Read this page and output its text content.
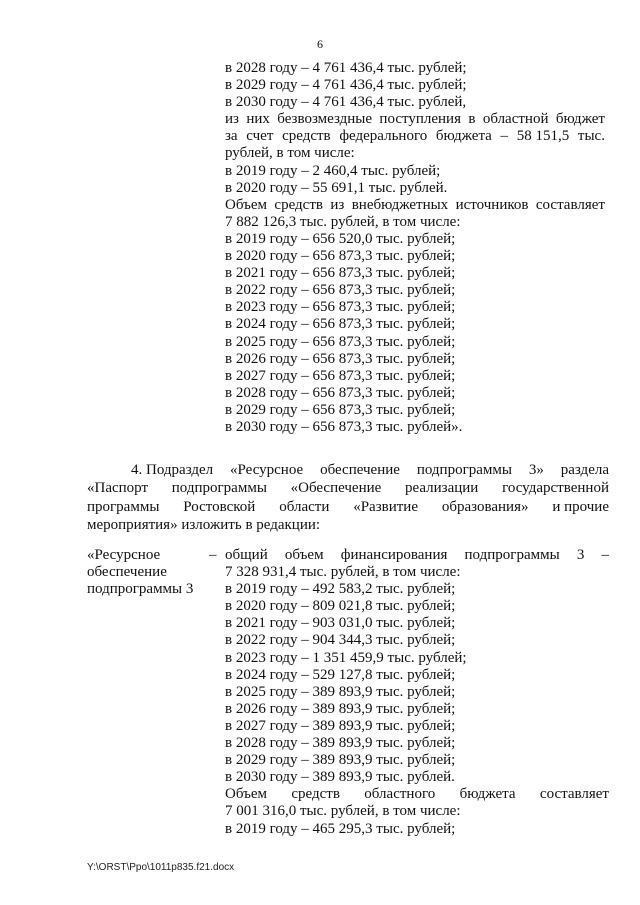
6
в 2028 году – 4 761 436,4 тыс. рублей;
в 2029 году – 4 761 436,4 тыс. рублей;
в 2030 году – 4 761 436,4 тыс. рублей,
из них безвозмездные поступления в областной бюджет
за счет средств федерального бюджета – 58 151,5 тыс.
рублей, в том числе:
в 2019 году – 2 460,4 тыс. рублей;
в 2020 году – 55 691,1 тыс. рублей.
Объем средств из внебюджетных источников составляет
7 882 126,3 тыс. рублей, в том числе:
в 2019 году – 656 520,0 тыс. рублей;
в 2020 году – 656 873,3 тыс. рублей;
в 2021 году – 656 873,3 тыс. рублей;
в 2022 году – 656 873,3 тыс. рублей;
в 2023 году – 656 873,3 тыс. рублей;
в 2024 году – 656 873,3 тыс. рублей;
в 2025 году – 656 873,3 тыс. рублей;
в 2026 году – 656 873,3 тыс. рублей;
в 2027 году – 656 873,3 тыс. рублей;
в 2028 году – 656 873,3 тыс. рублей;
в 2029 году – 656 873,3 тыс. рублей;
в 2030 году – 656 873,3 тыс. рублей».
4. Подраздел «Ресурсное обеспечение подпрограммы 3» раздела
«Паспорт подпрограммы «Обеспечение реализации государственной
программы Ростовской области «Развитие образования» и прочие
мероприятия» изложить в редакции:
«Ресурсное
обеспечение
подпрограммы 3
– общий объем финансирования подпрограммы 3 –
7 328 931,4 тыс. рублей, в том числе:
в 2019 году – 492 583,2 тыс. рублей;
в 2020 году – 809 021,8 тыс. рублей;
в 2021 году – 903 031,0 тыс. рублей;
в 2022 году – 904 344,3 тыс. рублей;
в 2023 году – 1 351 459,9 тыс. рублей;
в 2024 году – 529 127,8 тыс. рублей;
в 2025 году – 389 893,9 тыс. рублей;
в 2026 году – 389 893,9 тыс. рублей;
в 2027 году – 389 893,9 тыс. рублей;
в 2028 году – 389 893,9 тыс. рублей;
в 2029 году – 389 893,9 тыс. рублей;
в 2030 году – 389 893,9 тыс. рублей.
Объем средств областного бюджета составляет
7 001 316,0 тыс. рублей, в том числе:
в 2019 году – 465 295,3 тыс. рублей;
Y:\ORST\Ppo\1011p835.f21.docx
